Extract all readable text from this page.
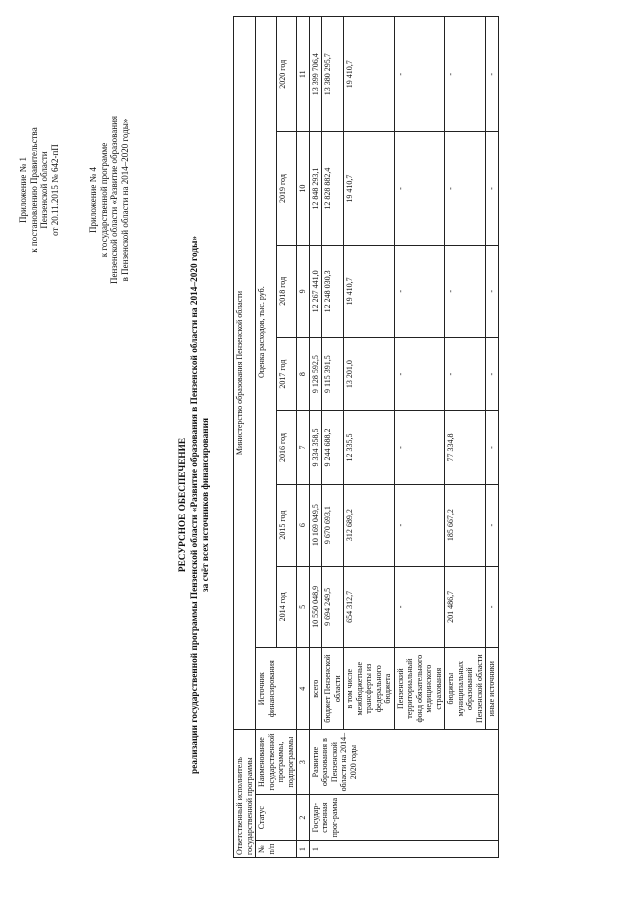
Приложение № 1 к постановлению Правительства Пензенской области от 20.11.2015 № 642-пП	Приложение № 4 к государственной программе Пензенской области «Развитие образования в Пензенской области на 2014–2020 годы»
РЕСУРСНОЕ ОБЕСПЕЧЕНИЕ реализации государственной программы Пензенской области «Развитие образования в Пензенской области на 2014–2020 годы» за счёт всех источников финансирования
Ответственный исполнитель государственной программы			Министерство образования Пензенской области							
№ п/п	Статус	Наименование государственной программы, подпрограммы	Источник финансирования	Оценка расходов, тыс. руб.						
				2014 год	2015 год	2016 год	2017 год	2018 год	2019 год	2020 год
1	2	3	4	5	6	7	8	9	10	11
1	Государ-ственная прог-рамма	Развитие образования в Пензенской области на 2014–2020 годы	всего	10 550 048,9	10 169 049,5	9 334 358,5	9 128 592,5	12 267 441,0	12 848 293,1	13 399 706,4
			бюджет Пензенской области	9 694 249,5	9 670 693,1	9 244 688,2	9 115 391,5	12 248 030,3	12 828 882,4	13 380 295,7
			в том числе межбюджетные трансферты из федерального бюджета	654 312,7	312 689,2	12 335,5	13 201,0	19 410,7	19 410,7	19 410,7
			Пензенский территориальный фонд обязательного медицинского страхования	-	-	-	-	-	-	-
			бюджеты муниципальных образований Пензенской области	201 486,7	185 667,2	77 334,8	-	-	-	-
			иные источники	-	-	-	-	-	-	-
